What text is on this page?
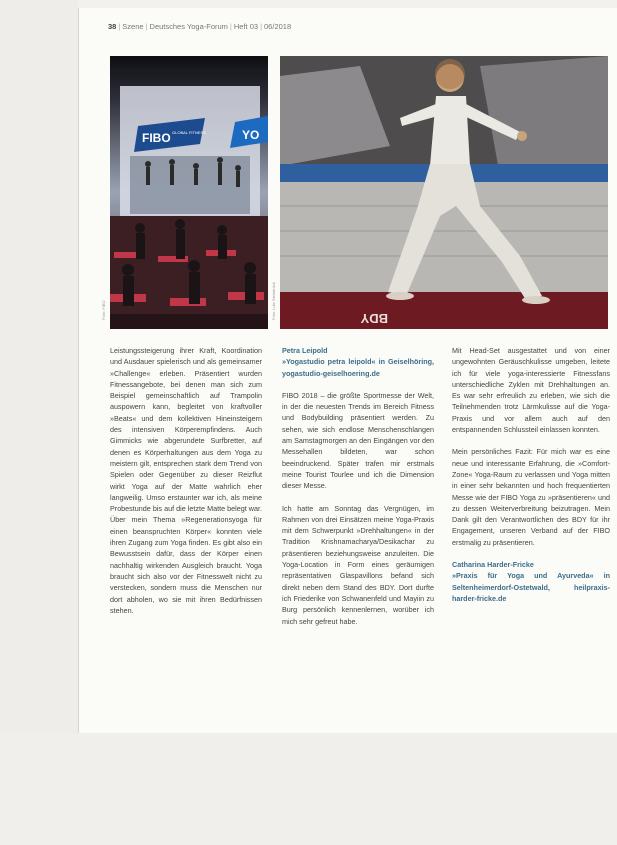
38 | Szene | Deutsches Yoga-Forum | Heft 03 | 06/2018
FIBO GLOBAL FITNESS	YO
Foto: FIBO	BDY
Foto: Lutz Steinbrück

Leistungssteigerung ihrer Kraft, Koordination und Ausdauer spielerisch und als gemeinsamer »Challenge« erleben. Präsentiert wurden Fitnessangebote, bei denen man sich zum Beispiel gemeinschaftlich auf Trampolin auspowern kann, begleitet von kraftvoller »Beats« und dem kollektiven Hineinsteigern des intensiven Körperempfindens. Auch Gimmicks wie abgerundete Surfbretter, auf denen es Körperhaltungen aus dem Yoga zu meistern gilt, entsprechen stark dem Trend von Spielen oder Gegenüber zu dieser Reizflut wirkt Yoga auf der Matte wahrlich eher langweilig. Umso erstaunter war ich, als meine Probestunde bis auf die letzte Matte belegt war. Über mein Thema »Regenerationsyoga für einen beanspruchten Körper« konnten viele ihren Zugang zum Yoga finden. Es gibt also ein Bewusstsein dafür, dass der Körper einen nachhaltig wirkenden Ausgleich braucht. Yoga braucht sich also vor der Fitnesswelt nicht zu verstecken, sondern muss die Menschen nur dort abholen, wo sie mit ihren Bedürfnissen stehen.

Petra Leipold

»Yogastudio petra leipold« in Geiselhöring, yogastudio-geiselhoering.de

FIBO 2018 – die größte Sportmesse der Welt, in der die neuesten Trends im Bereich Fitness und Bodybuilding präsentiert werden. Zu sehen, wie sich endlose Menschenschlangen am Samstagmorgen an den Eingängen vor den Messehallen bildeten, war schon beeindruckend. Später trafen mir erstmals meine Tourist Tourlee und ich die Dimension dieser Messe.

Ich hatte am Sonntag das Vergnügen, im Rahmen von drei Einsätzen meine Yoga-Praxis mit dem Schwerpunkt »Drehhaltungen« in der Tradition Krishnamacharya/Desikachar zu präsentieren beziehungsweise anzuleiten. Die Yoga-Location in Form eines geräumigen repräsentativen Glaspavillons befand sich direkt neben dem Stand des BDY. Dort durfte ich Friederike von Schwanenfeld und Mayiin zu Burg persönlich kennenlernen, worüber ich mich sehr gefreut habe.

Mit Head-Set ausgestattet und von einer ungewohnten Geräuschkulisse umgeben, leitete ich für viele yoga-interessierte Fitnessfans unterschiedliche Zyklen mit Drehhaltungen an. Es war sehr erfreulich zu erleben, wie sich die Teilnehmenden trotz Lärmkulisse auf die Yoga-Praxis und vor allem auch auf den entspannenden Schlussteil einlassen konnten.

Mein persönliches Fazit: Für mich war es eine neue und interessante Erfahrung, die »Comfort-Zone« Yoga-Raum zu verlassen und Yoga mitten in einer sehr bekannten und hoch frequentierten Messe wie der FIBO Yoga zu »präsentieren« und zu dessen Weiterverbreitung beizutragen. Mein Dank gilt den Verantwortlichen des BDY für ihr Engagement, unseren Verband auf der FIBO erstmalig zu präsentieren.

Catharina Harder-Fricke

»Praxis für Yoga und Ayurveda« in Seltenheimerdorf-Ostetwald, heilpraxis-harder-fricke.de
